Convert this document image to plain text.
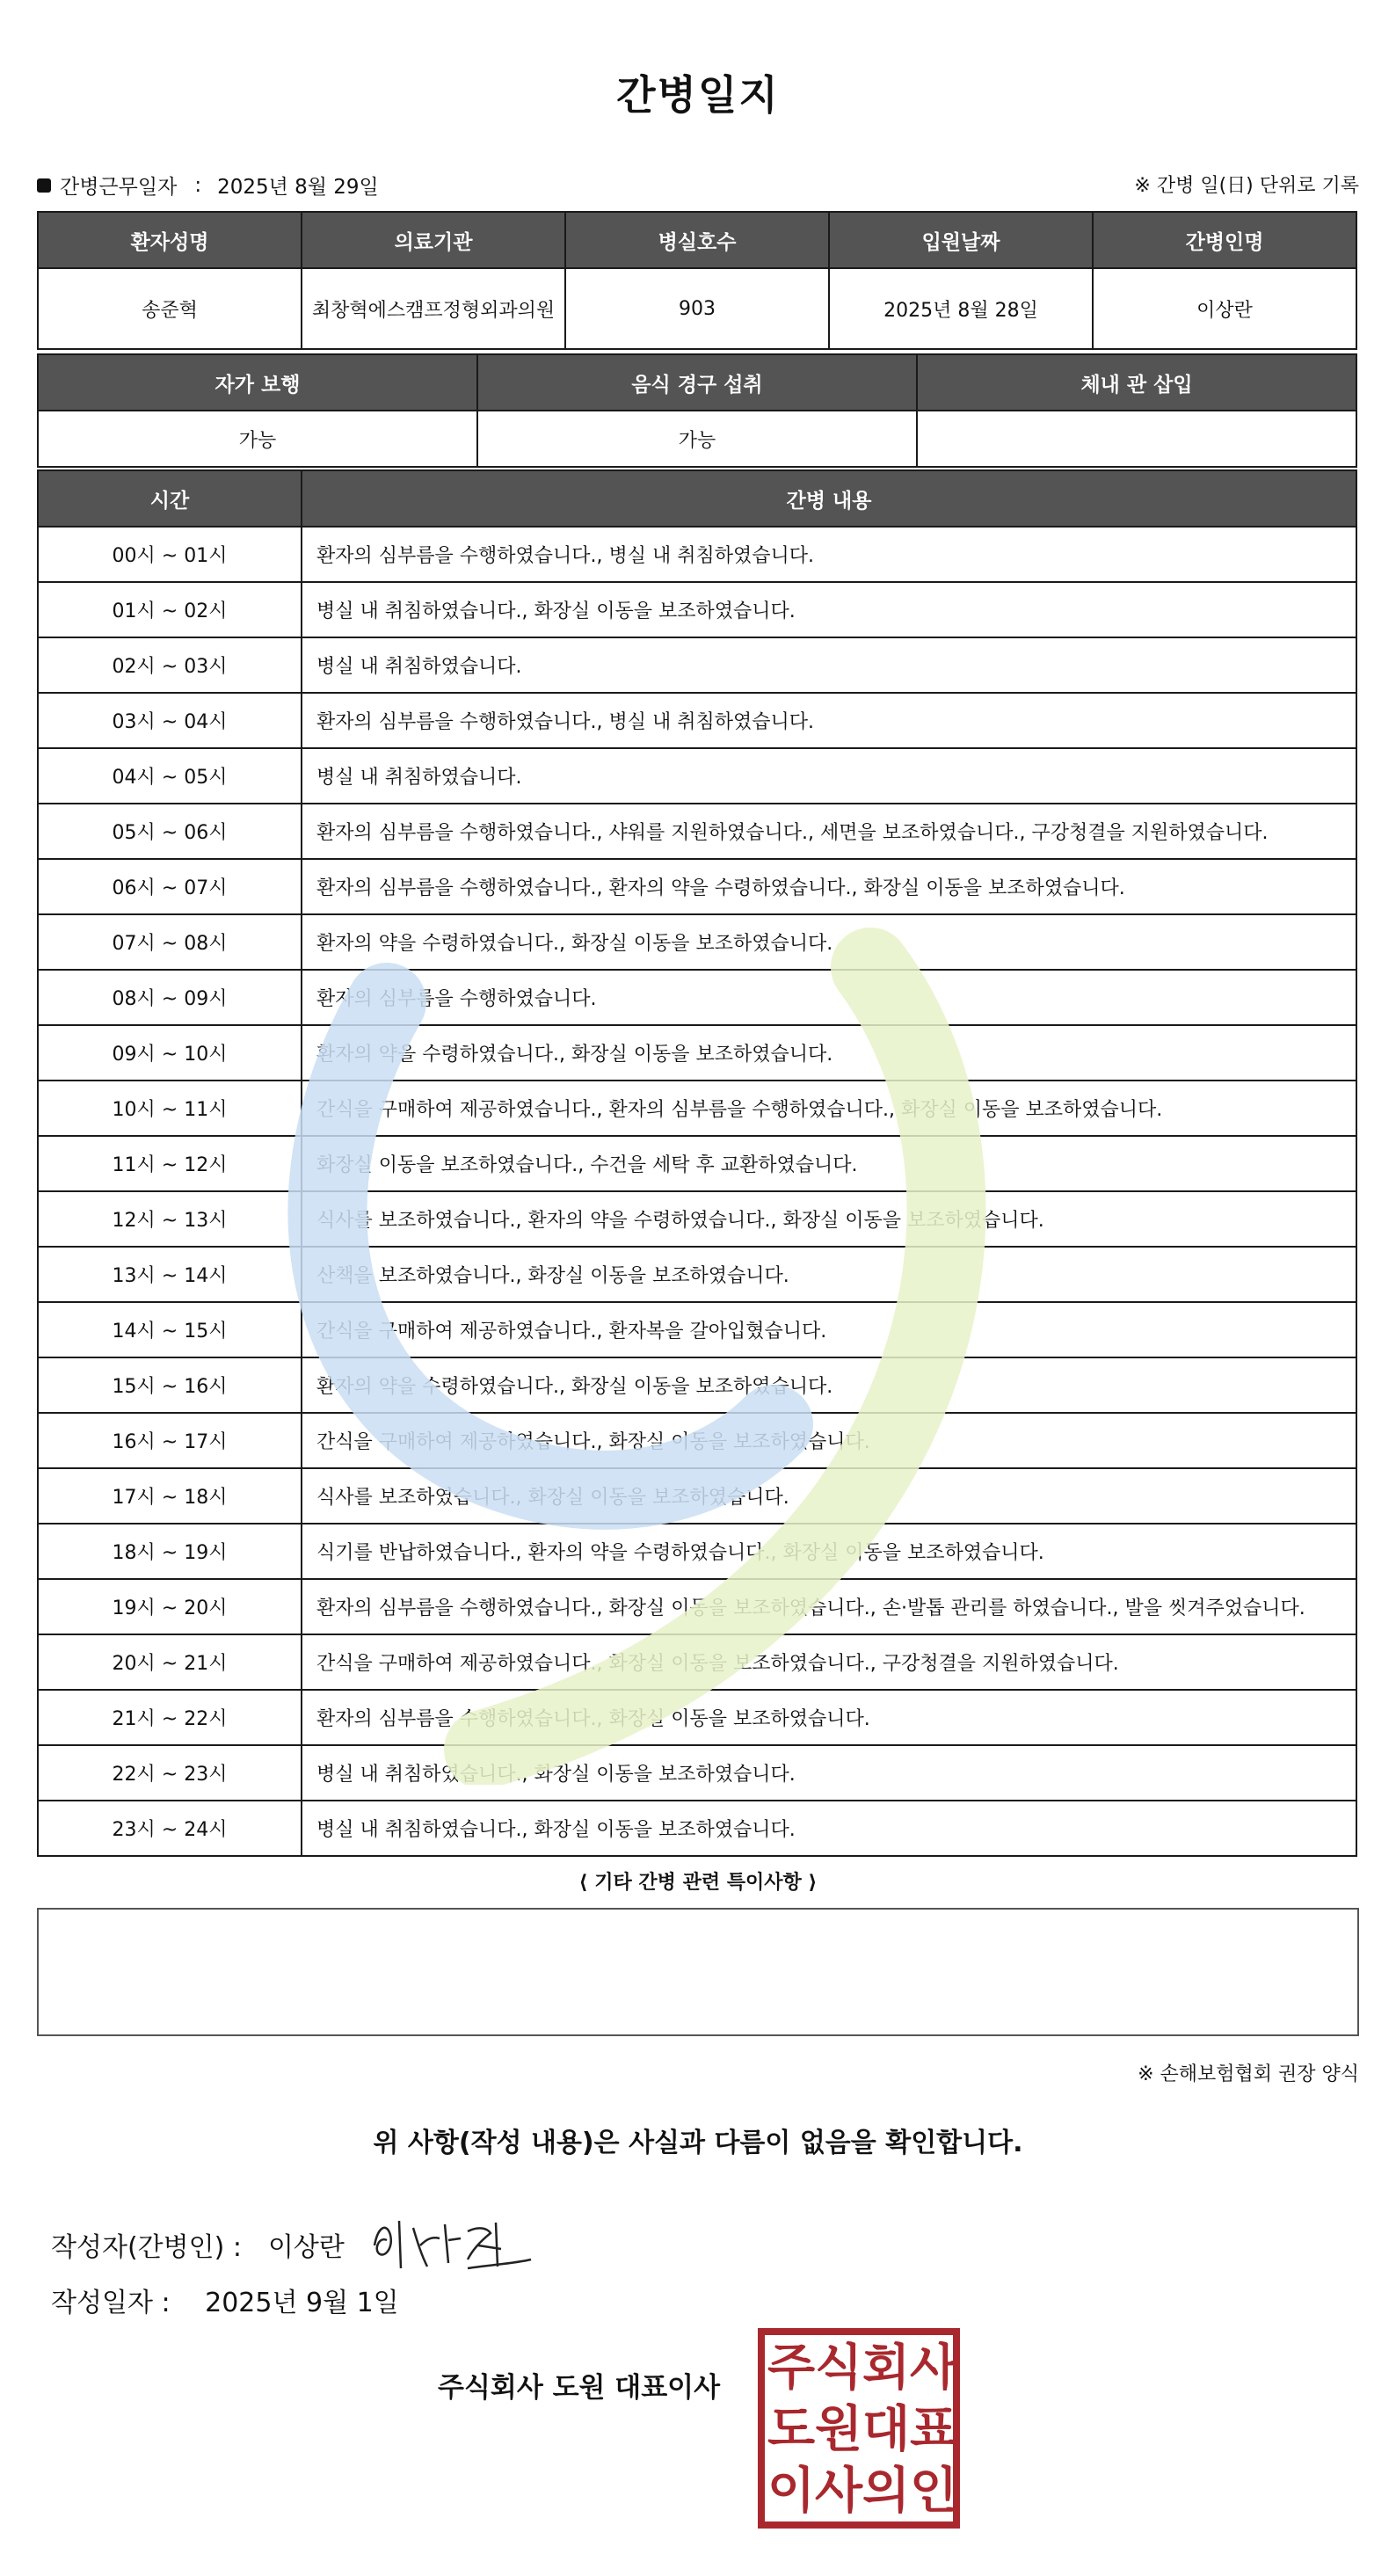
간병일지
간병근무일자 : 2025년 8월 29일	※ 간병 일(日) 단위로 기록
환자성명	의료기관	병실호수	입원날짜	간병인명
송준혁	최창혁에스캠프정형외과의원	903	2025년 8월 28일	이상란
자가 보행	음식 경구 섭취	체내 관 삽입
가능	가능	
시간	간병 내용
00시 ~ 01시	환자의 심부름을 수행하였습니다., 병실 내 취침하였습니다.
01시 ~ 02시	병실 내 취침하였습니다., 화장실 이동을 보조하였습니다.
02시 ~ 03시	병실 내 취침하였습니다.
03시 ~ 04시	환자의 심부름을 수행하였습니다., 병실 내 취침하였습니다.
04시 ~ 05시	병실 내 취침하였습니다.
05시 ~ 06시	환자의 심부름을 수행하였습니다., 샤워를 지원하였습니다., 세면을 보조하였습니다., 구강청결을 지원하였습니다.
06시 ~ 07시	환자의 심부름을 수행하였습니다., 환자의 약을 수령하였습니다., 화장실 이동을 보조하였습니다.
07시 ~ 08시	환자의 약을 수령하였습니다., 화장실 이동을 보조하였습니다.
08시 ~ 09시	환자의 심부름을 수행하였습니다.
09시 ~ 10시	환자의 약을 수령하였습니다., 화장실 이동을 보조하였습니다.
10시 ~ 11시	간식을 구매하여 제공하였습니다., 환자의 심부름을 수행하였습니다., 화장실 이동을 보조하였습니다.
11시 ~ 12시	화장실 이동을 보조하였습니다., 수건을 세탁 후 교환하였습니다.
12시 ~ 13시	식사를 보조하였습니다., 환자의 약을 수령하였습니다., 화장실 이동을 보조하였습니다.
13시 ~ 14시	산책을 보조하였습니다., 화장실 이동을 보조하였습니다.
14시 ~ 15시	간식을 구매하여 제공하였습니다., 환자복을 갈아입혔습니다.
15시 ~ 16시	환자의 약을 수령하였습니다., 화장실 이동을 보조하였습니다.
16시 ~ 17시	간식을 구매하여 제공하였습니다., 화장실 이동을 보조하였습니다.
17시 ~ 18시	식사를 보조하였습니다., 화장실 이동을 보조하였습니다.
18시 ~ 19시	식기를 반납하였습니다., 환자의 약을 수령하였습니다., 화장실 이동을 보조하였습니다.
19시 ~ 20시	환자의 심부름을 수행하였습니다., 화장실 이동을 보조하였습니다., 손·발톱 관리를 하였습니다., 발을 씻겨주었습니다.
20시 ~ 21시	간식을 구매하여 제공하였습니다., 화장실 이동을 보조하였습니다., 구강청결을 지원하였습니다.
21시 ~ 22시	환자의 심부름을 수행하였습니다., 화장실 이동을 보조하였습니다.
22시 ~ 23시	병실 내 취침하였습니다., 화장실 이동을 보조하였습니다.
23시 ~ 24시	병실 내 취침하였습니다., 화장실 이동을 보조하였습니다.
⟨ 기타 간병 관련 특이사항 ⟩
※ 손해보험협회 권장 양식
위 사항(작성 내용)은 사실과 다름이 없음을 확인합니다.
작성자(간병인) : 이상란
작성일자 : 2025년 9월 1일
주식회사 도원 대표이사 주식회사 도원대표 이사의인
